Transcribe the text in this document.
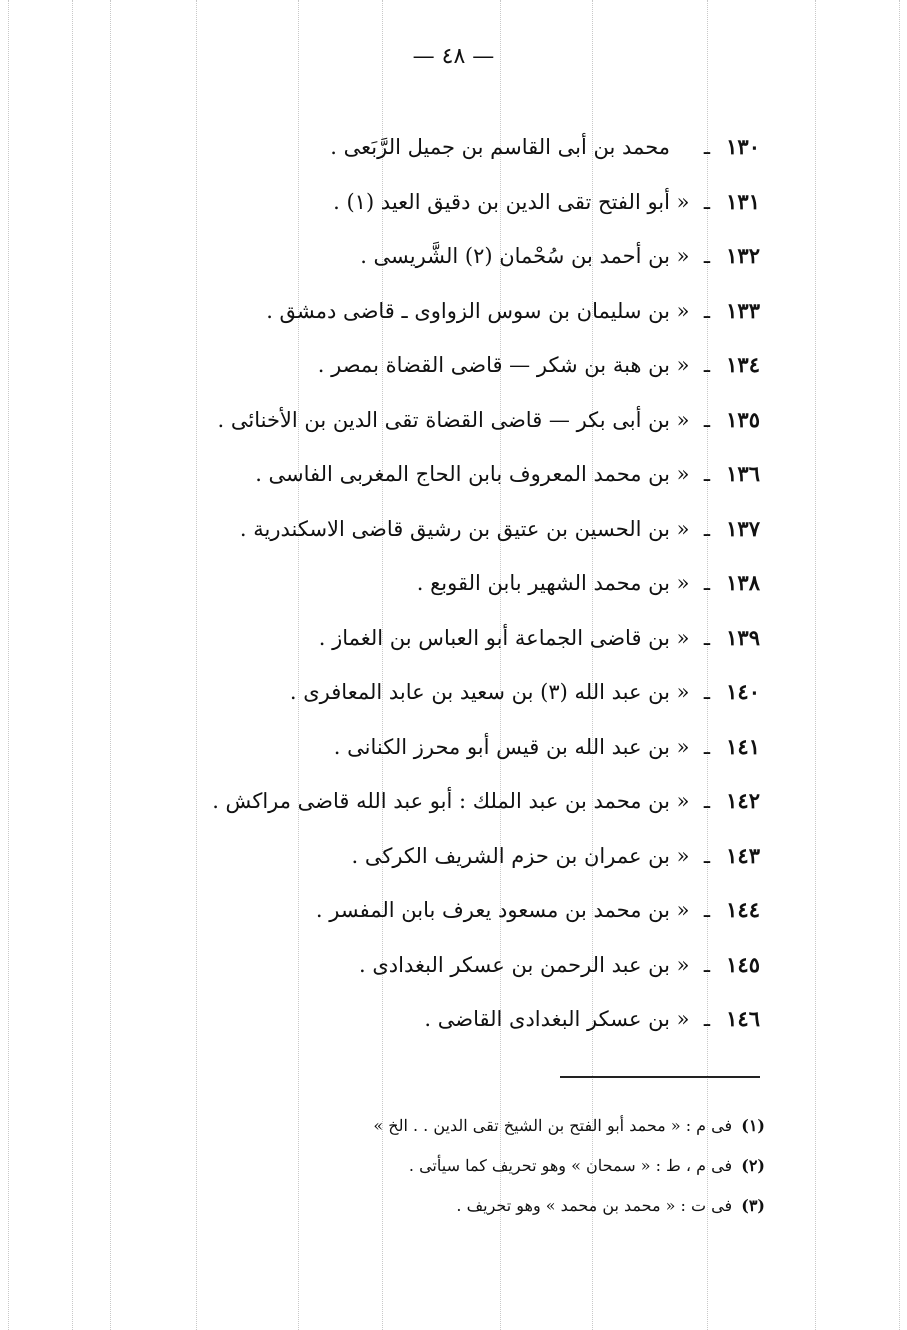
— ٤٨ —
١٣٠
ـ
محمد بن أبى القاسم بن جميل الرَّبَعى .
١٣١
ـ
«
أبو الفتح تقى الدين بن دقيق العيد (١) .
١٣٢
ـ
«
بن أحمد بن سُحْمان (٢) الشَّريسى .
١٣٣
ـ
«
بن سليمان بن سوس الزواوى ـ قاضى دمشق .
١٣٤
ـ
«
بن هبة بن شكر — قاضى القضاة بمصر .
١٣٥
ـ
«
بن أبى بكر — قاضى القضاة تقى الدين بن الأخنائى .
١٣٦
ـ
«
بن محمد المعروف بابن الحاج المغربى الفاسى .
١٣٧
ـ
«
بن الحسين بن عتيق بن رشيق قاضى الاسكندرية .
١٣٨
ـ
«
بن محمد الشهير بابن القوبع .
١٣٩
ـ
«
بن قاضى الجماعة أبو العباس بن الغماز .
١٤٠
ـ
«
بن عبد الله (٣) بن سعيد بن عابد المعافرى .
١٤١
ـ
«
بن عبد الله بن قيس أبو محرز الكنانى .
١٤٢
ـ
«
بن محمد بن عبد الملك : أبو عبد الله قاضى مراكش .
١٤٣
ـ
«
بن عمران بن حزم الشريف الكركى .
١٤٤
ـ
«
بن محمد بن مسعود يعرف بابن المفسر .
١٤٥
ـ
«
بن عبد الرحمن بن عسكر البغدادى .
١٤٦
ـ
«
بن عسكر البغدادى القاضى .
(١) فى م : « محمد أبو الفتح بن الشيخ تقى الدين . . الخ »
(٢) فى م ، ط : « سمحان » وهو تحريف كما سيأتى .
(٣) فى ت : « محمد بن محمد » وهو تحريف .
